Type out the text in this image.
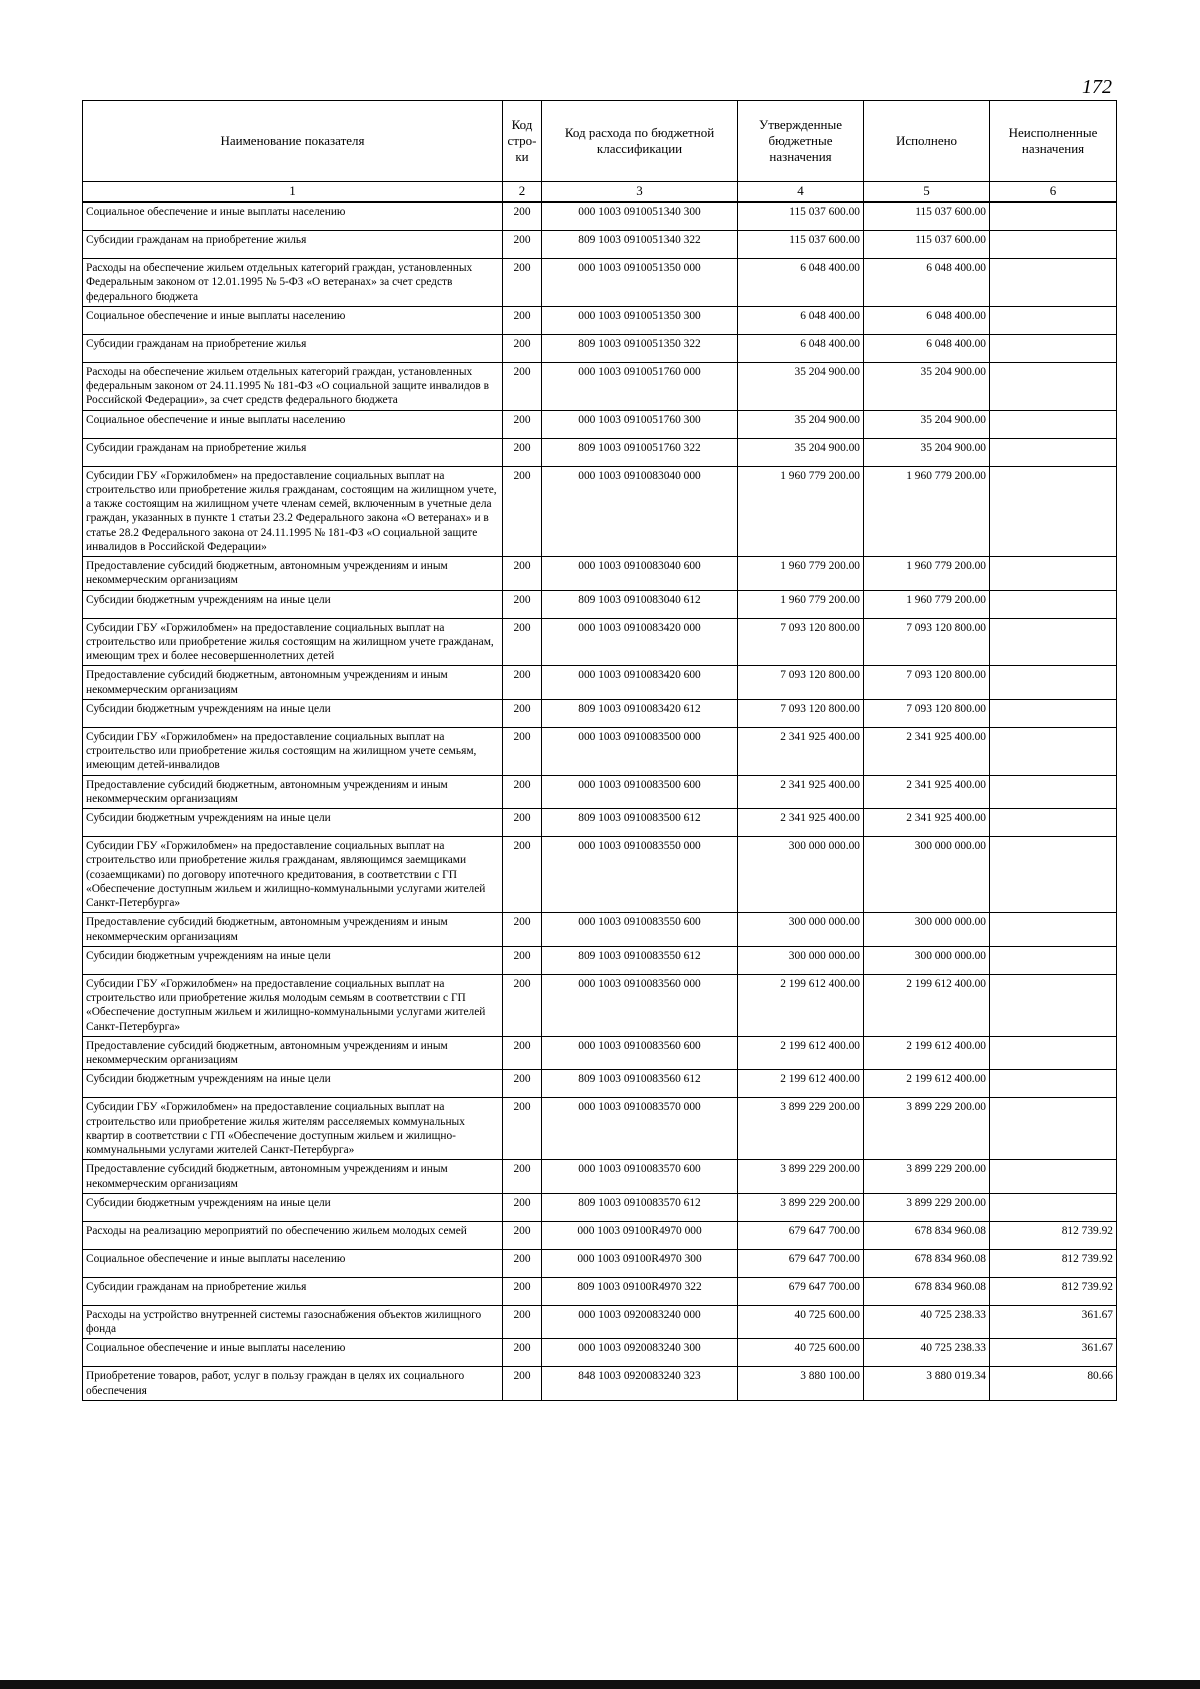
172
Наименование показателя	Код стро-ки	Код расхода по бюджетной классификации	Утвержденные бюджетные назначения	Исполнено	Неисполненные назначения
1	2	3	4	5	6
Социальное обеспечение и иные выплаты населению	200	000 1003 0910051340 300	115 037 600.00	115 037 600.00	
Субсидии гражданам на приобретение жилья	200	809 1003 0910051340 322	115 037 600.00	115 037 600.00	
Расходы на обеспечение жильем отдельных категорий граждан, установленных Федеральным законом от 12.01.1995 № 5-ФЗ «О ветеранах» за счет средств федерального бюджета	200	000 1003 0910051350 000	6 048 400.00	6 048 400.00	
Социальное обеспечение и иные выплаты населению	200	000 1003 0910051350 300	6 048 400.00	6 048 400.00	
Субсидии гражданам на приобретение жилья	200	809 1003 0910051350 322	6 048 400.00	6 048 400.00	
Расходы на обеспечение жильем отдельных категорий граждан, установленных федеральным законом от 24.11.1995 № 181-ФЗ «О социальной защите инвалидов в Российской Федерации», за счет средств федерального бюджета	200	000 1003 0910051760 000	35 204 900.00	35 204 900.00	
Социальное обеспечение и иные выплаты населению	200	000 1003 0910051760 300	35 204 900.00	35 204 900.00	
Субсидии гражданам на приобретение жилья	200	809 1003 0910051760 322	35 204 900.00	35 204 900.00	
Субсидии ГБУ «Горжилобмен» на предоставление социальных выплат на строительство или приобретение жилья гражданам, состоящим на жилищном учете, а также состоящим на жилищном учете членам семей, включенным в учетные дела граждан, указанных в пункте 1 статьи 23.2 Федерального закона «О ветеранах» и в статье 28.2 Федерального закона от 24.11.1995 № 181-ФЗ «О социальной защите инвалидов в Российской Федерации»	200	000 1003 0910083040 000	1 960 779 200.00	1 960 779 200.00	
Предоставление субсидий бюджетным, автономным учреждениям и иным некоммерческим организациям	200	000 1003 0910083040 600	1 960 779 200.00	1 960 779 200.00	
Субсидии бюджетным учреждениям на иные цели	200	809 1003 0910083040 612	1 960 779 200.00	1 960 779 200.00	
Субсидии ГБУ «Горжилобмен» на предоставление социальных выплат на строительство или приобретение жилья состоящим на жилищном учете гражданам, имеющим трех и более несовершеннолетних детей	200	000 1003 0910083420 000	7 093 120 800.00	7 093 120 800.00	
Предоставление субсидий бюджетным, автономным учреждениям и иным некоммерческим организациям	200	000 1003 0910083420 600	7 093 120 800.00	7 093 120 800.00	
Субсидии бюджетным учреждениям на иные цели	200	809 1003 0910083420 612	7 093 120 800.00	7 093 120 800.00	
Субсидии ГБУ «Горжилобмен» на предоставление социальных выплат на строительство или приобретение жилья состоящим на жилищном учете семьям, имеющим детей-инвалидов	200	000 1003 0910083500 000	2 341 925 400.00	2 341 925 400.00	
Предоставление субсидий бюджетным, автономным учреждениям и иным некоммерческим организациям	200	000 1003 0910083500 600	2 341 925 400.00	2 341 925 400.00	
Субсидии бюджетным учреждениям на иные цели	200	809 1003 0910083500 612	2 341 925 400.00	2 341 925 400.00	
Субсидии ГБУ «Горжилобмен» на предоставление социальных выплат на строительство или приобретение жилья гражданам, являющимся заемщиками (созаемщиками) по договору ипотечного кредитования, в соответствии с ГП «Обеспечение доступным жильем и жилищно-коммунальными услугами жителей Санкт-Петербурга»	200	000 1003 0910083550 000	300 000 000.00	300 000 000.00	
Предоставление субсидий бюджетным, автономным учреждениям и иным некоммерческим организациям	200	000 1003 0910083550 600	300 000 000.00	300 000 000.00	
Субсидии бюджетным учреждениям на иные цели	200	809 1003 0910083550 612	300 000 000.00	300 000 000.00	
Субсидии ГБУ «Горжилобмен» на предоставление социальных выплат на строительство или приобретение жилья молодым семьям в соответствии с ГП «Обеспечение доступным жильем и жилищно-коммунальными услугами жителей Санкт-Петербурга»	200	000 1003 0910083560 000	2 199 612 400.00	2 199 612 400.00	
Предоставление субсидий бюджетным, автономным учреждениям и иным некоммерческим организациям	200	000 1003 0910083560 600	2 199 612 400.00	2 199 612 400.00	
Субсидии бюджетным учреждениям на иные цели	200	809 1003 0910083560 612	2 199 612 400.00	2 199 612 400.00	
Субсидии ГБУ «Горжилобмен» на предоставление социальных выплат на строительство или приобретение жилья жителям расселяемых коммунальных квартир в соответствии с ГП «Обеспечение доступным жильем и жилищно-коммунальными услугами жителей Санкт-Петербурга»	200	000 1003 0910083570 000	3 899 229 200.00	3 899 229 200.00	
Предоставление субсидий бюджетным, автономным учреждениям и иным некоммерческим организациям	200	000 1003 0910083570 600	3 899 229 200.00	3 899 229 200.00	
Субсидии бюджетным учреждениям на иные цели	200	809 1003 0910083570 612	3 899 229 200.00	3 899 229 200.00	
Расходы на реализацию мероприятий по обеспечению жильем молодых семей	200	000 1003 09100R4970 000	679 647 700.00	678 834 960.08	812 739.92
Социальное обеспечение и иные выплаты населению	200	000 1003 09100R4970 300	679 647 700.00	678 834 960.08	812 739.92
Субсидии гражданам на приобретение жилья	200	809 1003 09100R4970 322	679 647 700.00	678 834 960.08	812 739.92
Расходы на устройство внутренней системы газоснабжения объектов жилищного фонда	200	000 1003 0920083240 000	40 725 600.00	40 725 238.33	361.67
Социальное обеспечение и иные выплаты населению	200	000 1003 0920083240 300	40 725 600.00	40 725 238.33	361.67
Приобретение товаров, работ, услуг в пользу граждан в целях их социального обеспечения	200	848 1003 0920083240 323	3 880 100.00	3 880 019.34	80.66
